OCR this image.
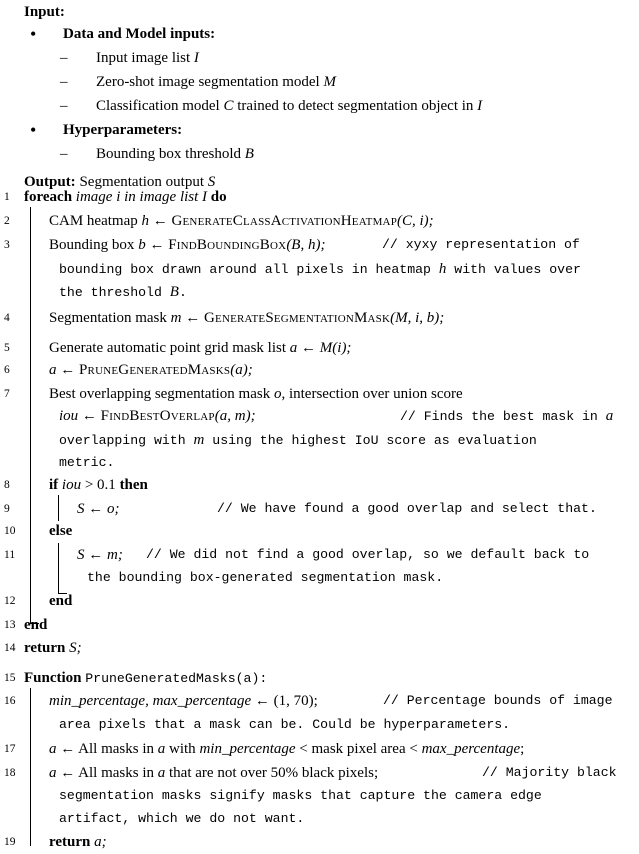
Input:
• Data and Model inputs:
– Input image list I
– Zero-shot image segmentation model M
– Classification model C trained to detect segmentation object in I
• Hyperparameters:
– Bounding box threshold B
Output: Segmentation output S
1 foreach image i in image list I do
2	CAM heatmap h ← GenerateClassActivationHeatmap(C, i);
3	Bounding box b ← FindBoundingBox(B, h);	// xyxy representation of
bounding box drawn around all pixels in heatmap h with values over
the threshold B.
4	Segmentation mask m ← GenerateSegmentationMask(M, i, b);
5	Generate automatic point grid mask list a ← M(i);
6	a ← PruneGeneratedMasks(a);
7	Best overlapping segmentation mask o, intersection over union score
iou ← FindBestOverlap(a, m);	// Finds the best mask in a
overlapping with m using the highest IoU score as evaluation
metric.
8	if iou > 0.1 then
9	S ← o;	// We have found a good overlap and select that.
10 else
11	S ← m; // We did not find a good overlap, so we default back to
the bounding box-generated segmentation mask.
12 end
13 end
14 return S;
15 Function PruneGeneratedMasks(a):
16 min_percentage, max_percentage ← (1, 70);	// Percentage bounds of image
area pixels that a mask can be. Could be hyperparameters.
17 a ← All masks in a with min_percentage < mask pixel area < max_percentage;
18 a ← All masks in a that are not over 50% black pixels;	// Majority black
segmentation masks signify masks that capture the camera edge
artifact, which we do not want.
19 return a;
